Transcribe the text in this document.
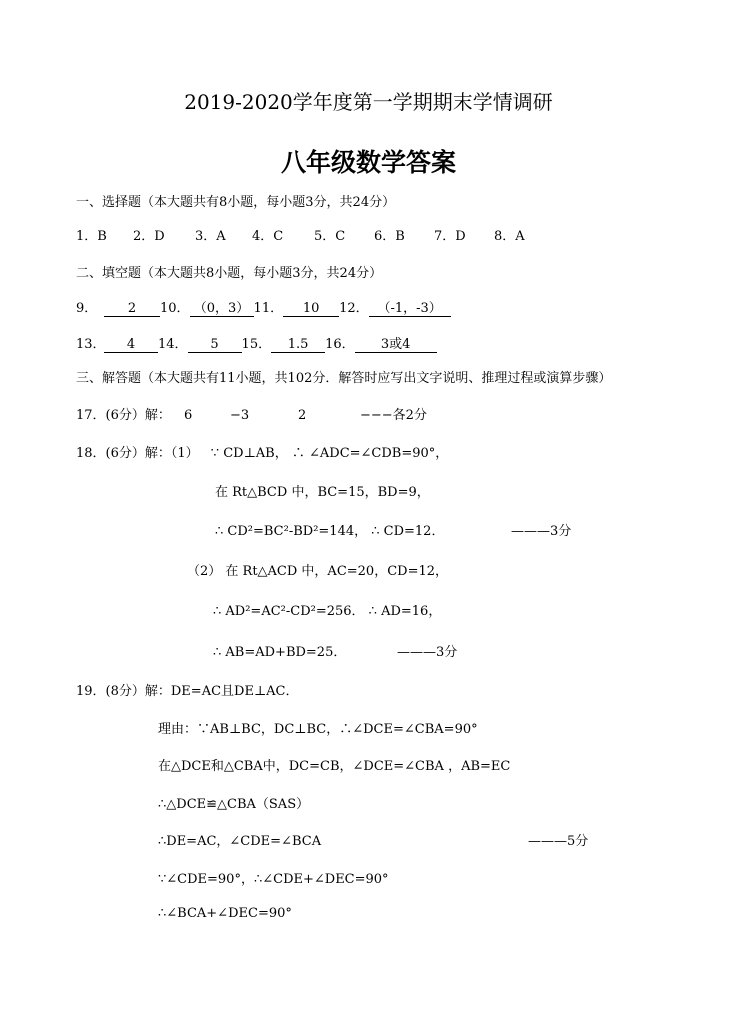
2019-2020学年度第一学期期末学情调研
八年级数学答案
一、选择题（本大题共有8小题，每小题3分，共24分）
1．B 2．D 3．A 4．C 5．C 6．B 7．D 8．A
二、填空题（本大题共8小题，每小题3分，共24分）
9． 2 10． （0，3） 11． 10 12． （-1，-3）
13． 4 14． 5 15． 1.5 16． 3或4
三、解答题（本大题共有11小题，共102分．解答时应写出文字说明、推理过程或演算步骤）
17．(6分）解： 6	−3	2	−−−各2分
18．(6分）解：（1） ∵ CD⊥AB， ∴ ∠ADC=∠CDB=90°，
在 Rt△BCD 中，BC=15，BD=9，
∴ CD²=BC²-BD²=144， ∴ CD=12．	———3分
（2） 在 Rt△ACD 中，AC=20，CD=12，
∴ AD²=AC²-CD²=256． ∴ AD=16，
∴ AB=AD+BD=25．	———3分
19．(8分）解：DE=AC且DE⊥AC．
理由：∵AB⊥BC，DC⊥BC，∴∠DCE=∠CBA=90°
在△DCE和△CBA中，DC=CB，∠DCE=∠CBA ，AB=EC
∴△DCE≌△CBA（SAS）
∴DE=AC，∠CDE=∠BCA	———5分
∵∠CDE=90°，∴∠CDE+∠DEC=90°
∴∠BCA+∠DEC=90°
